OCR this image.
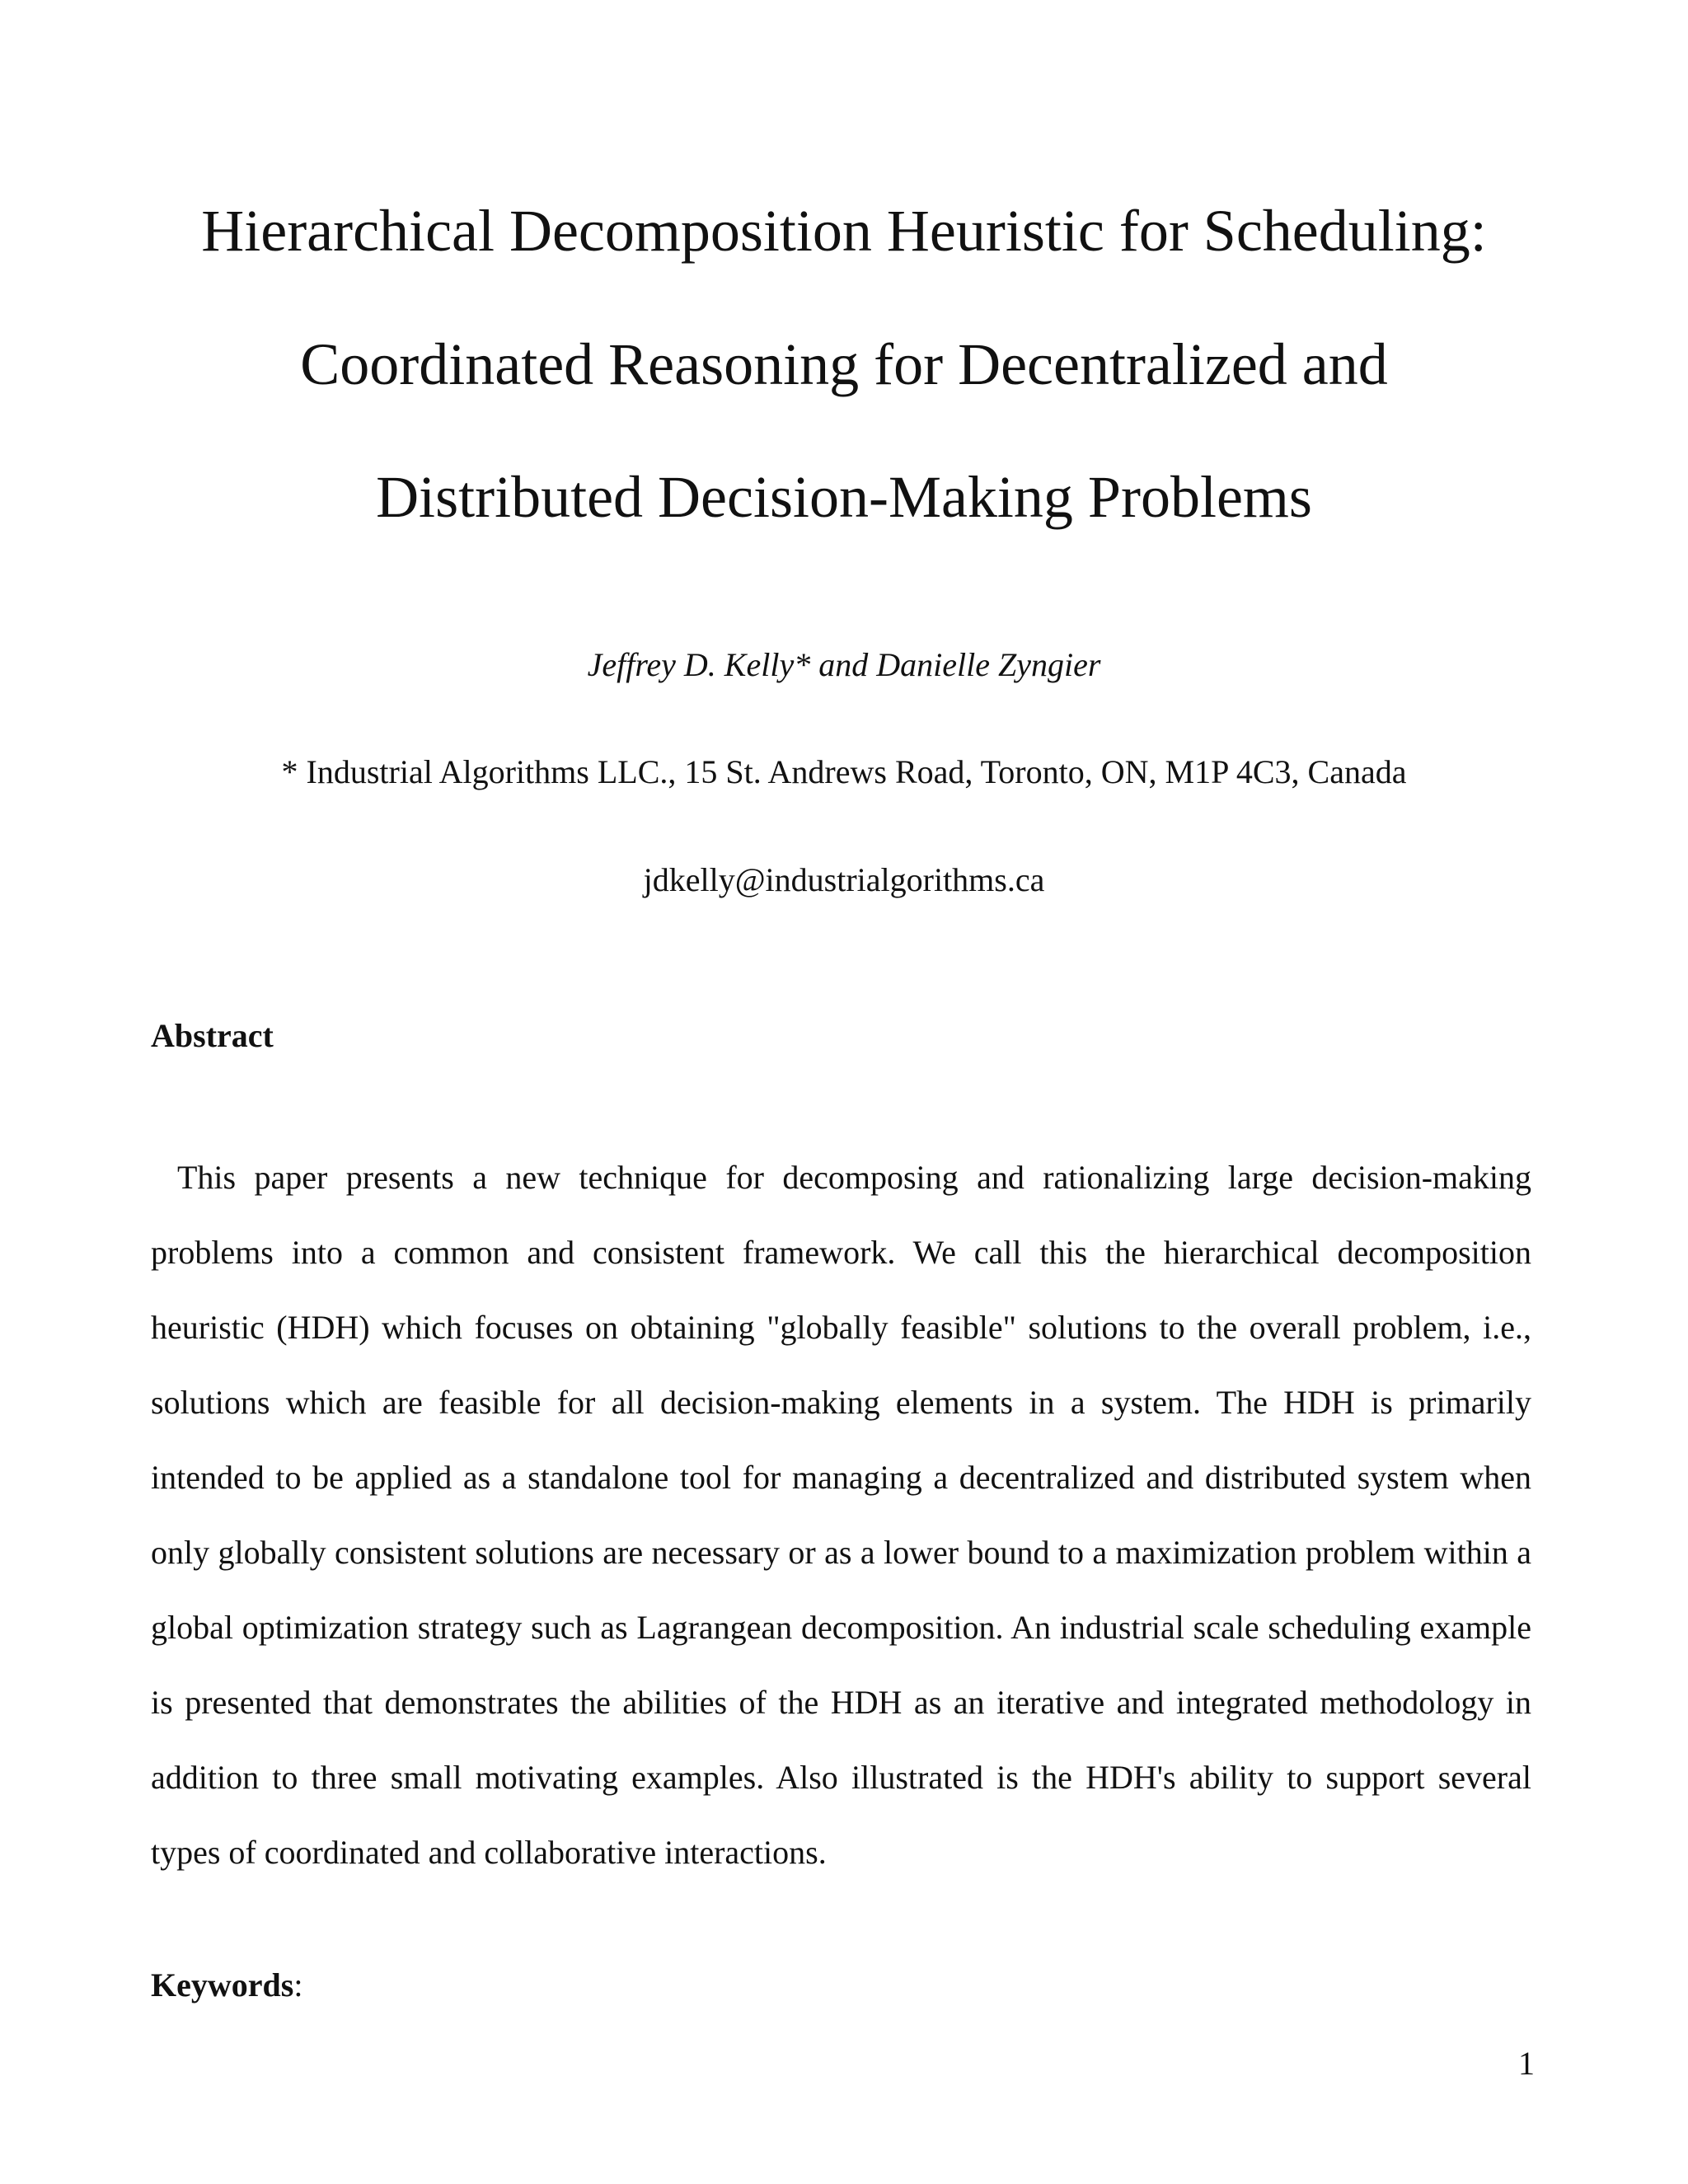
Hierarchical Decomposition Heuristic for Scheduling:
Coordinated Reasoning for Decentralized and
Distributed Decision-Making Problems
Jeffrey D. Kelly* and Danielle Zyngier
* Industrial Algorithms LLC., 15 St. Andrews Road, Toronto, ON, M1P 4C3, Canada
jdkelly@industrialgorithms.ca
Abstract
This paper presents a new technique for decomposing and rationalizing large decision-making
problems into a common and consistent framework. We call this the hierarchical decomposition
heuristic (HDH) which focuses on obtaining "globally feasible" solutions to the overall problem, i.e.,
solutions which are feasible for all decision-making elements in a system. The HDH is primarily
intended to be applied as a standalone tool for managing a decentralized and distributed system when
only globally consistent solutions are necessary or as a lower bound to a maximization problem within a
global optimization strategy such as Lagrangean decomposition. An industrial scale scheduling example
is presented that demonstrates the abilities of the HDH as an iterative and integrated methodology in
addition to three small motivating examples. Also illustrated is the HDH's ability to support several
types of coordinated and collaborative interactions.
Keywords:
1
